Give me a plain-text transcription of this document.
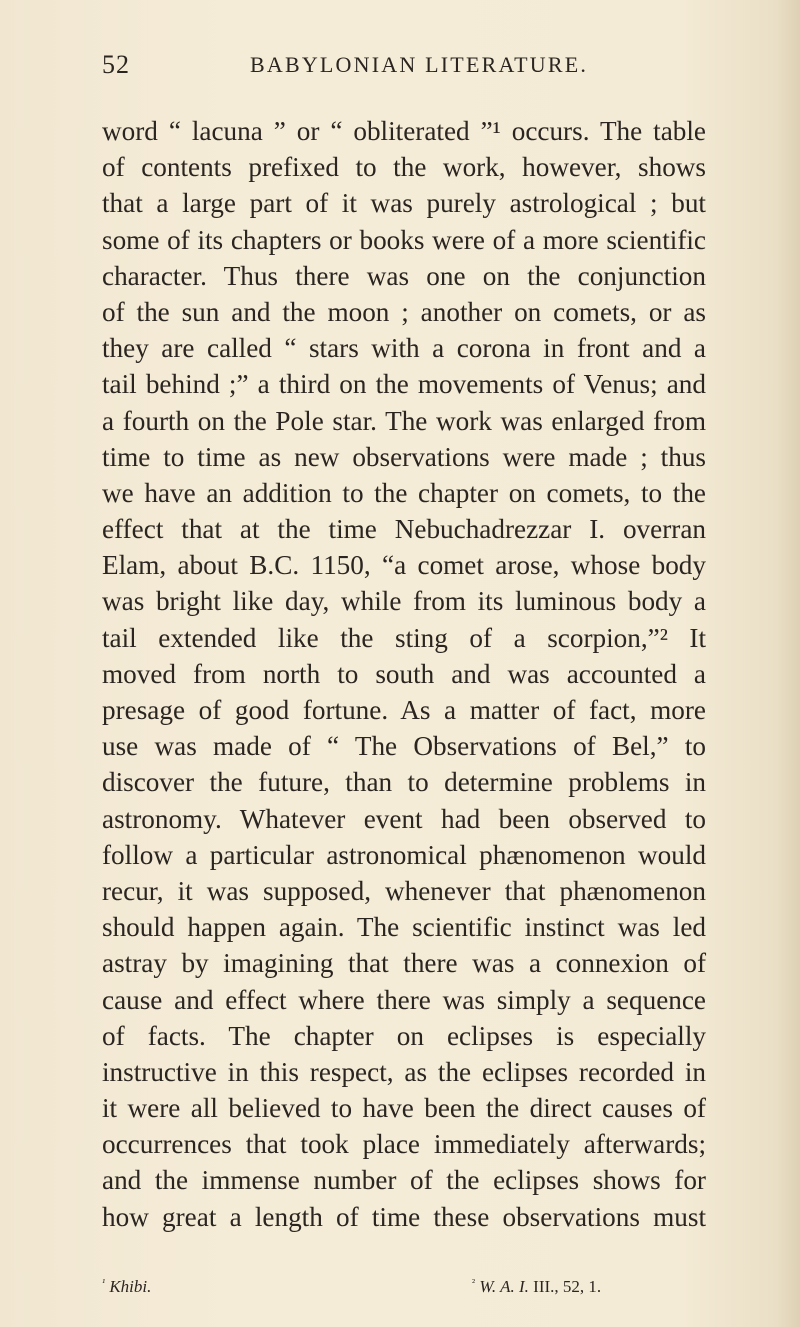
52	BABYLONIAN LITERATURE.
word “ lacuna ” or “ obliterated ”¹ occurs. The table
of contents prefixed to the work, however, shows
that a large part of it was purely astrological ; but
some of its chapters or books were of a more scientific
character. Thus there was one on the conjunction
of the sun and the moon ; another on comets, or as
they are called “ stars with a corona in front and a
tail behind ;” a third on the movements of Venus; and
a fourth on the Pole star. The work was enlarged from
time to time as new observations were made ; thus
we have an addition to the chapter on comets, to the
effect that at the time Nebuchadrezzar I. overran
Elam, about B.C. 1150, “a comet arose, whose body
was bright like day, while from its luminous body a
tail extended like the sting of a scorpion,”² It
moved from north to south and was accounted a
presage of good fortune. As a matter of fact, more
use was made of “ The Observations of Bel,” to
discover the future, than to determine problems in
astronomy. Whatever event had been observed to
follow a particular astronomical phænomenon would
recur, it was supposed, whenever that phænomenon
should happen again. The scientific instinct was led
astray by imagining that there was a connexion of
cause and effect where there was simply a sequence
of facts. The chapter on eclipses is especially
instructive in this respect, as the eclipses recorded in
it were all believed to have been the direct causes of
occurrences that took place immediately afterwards;
and the immense number of the eclipses shows for
how great a length of time these observations must
$^{^1}$ Khibi.	$^{^2}$ W. A. I. III., 52, 1.
